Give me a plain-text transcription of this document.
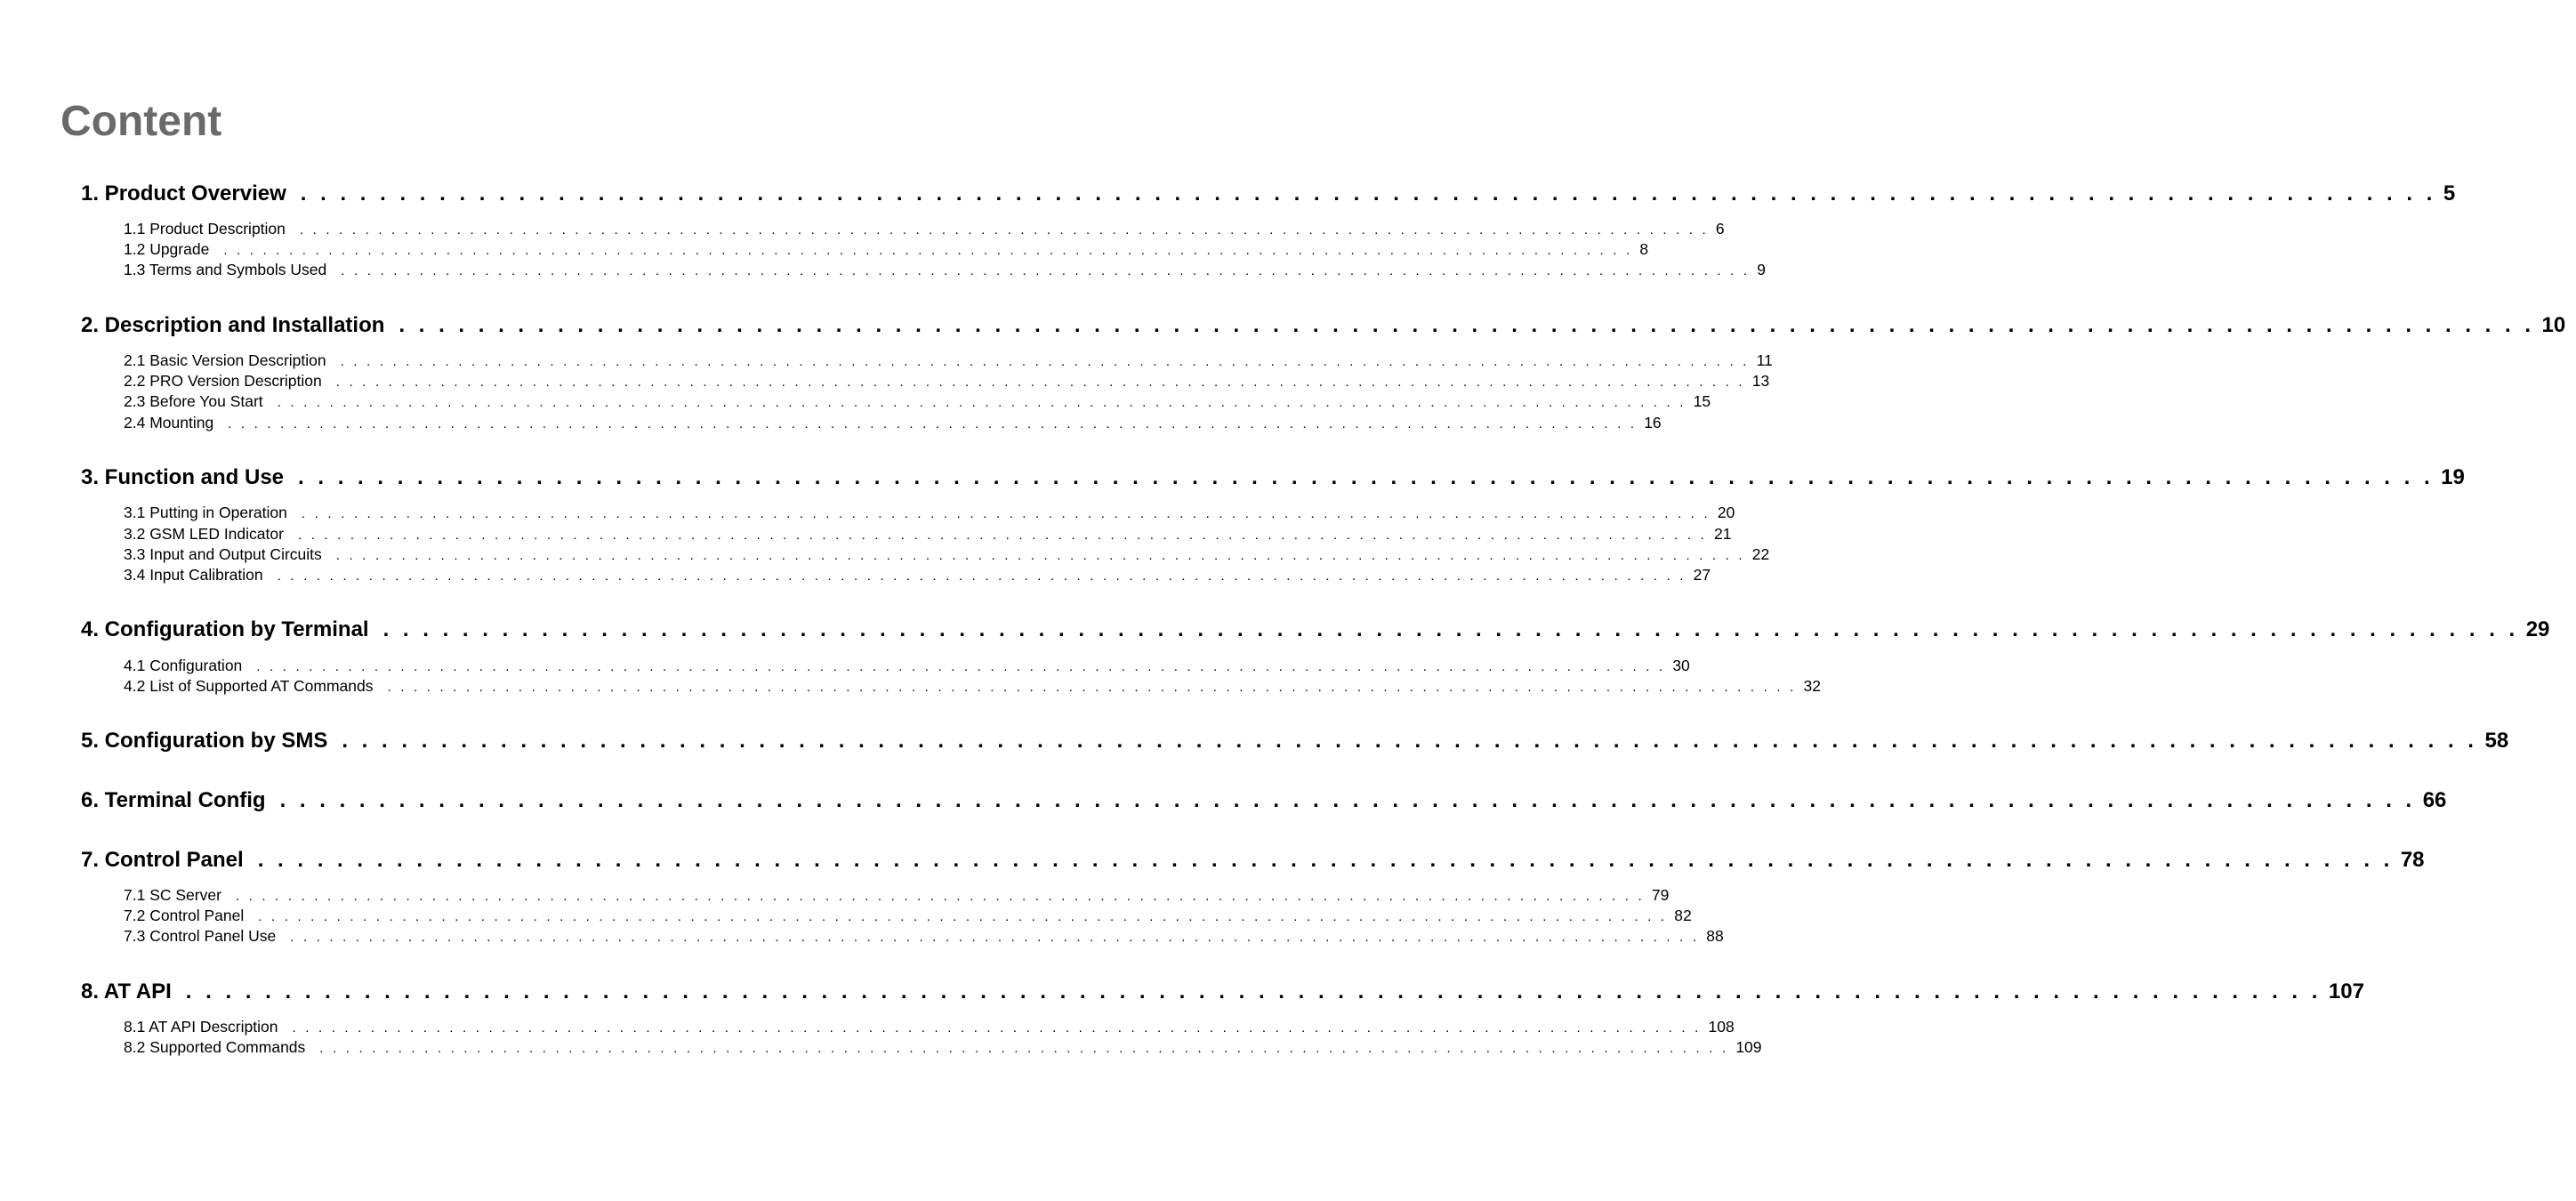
Content
1. Product Overview . . . . . . . . . . . . . . . . . . . . . . . . . . . . . . . . . . . . . . . . . . . . . . . . . . . . . . . . . . . . . . . . . . . . . . . . . . . . . . . . . . . . . . . . . . . . . . . . . . . . . . . . . . . . 5
1.1 Product Description . . . . . . . . . . . . . . . . . . . . . . . . . . . . . . . . . . . . . . . . . . . . . . . . . . . . . . . . . . . . . . . . . . . . . . . . . . . . . . . . . . . . . . . . . . . . . . . . . . . . . . . . . . . . 6
1.2 Upgrade . . . . . . . . . . . . . . . . . . . . . . . . . . . . . . . . . . . . . . . . . . . . . . . . . . . . . . . . . . . . . . . . . . . . . . . . . . . . . . . . . . . . . . . . . . . . . . . . . . . . . . . . . . . . 8
1.3 Terms and Symbols Used . . . . . . . . . . . . . . . . . . . . . . . . . . . . . . . . . . . . . . . . . . . . . . . . . . . . . . . . . . . . . . . . . . . . . . . . . . . . . . . . . . . . . . . . . . . . . . . . . . . . . . . . . . . . 9
2. Description and Installation . . . . . . . . . . . . . . . . . . . . . . . . . . . . . . . . . . . . . . . . . . . . . . . . . . . . . . . . . . . . . . . . . . . . . . . . . . . . . . . . . . . . . . . . . . . . . . . . . . . . . . . . . . . . 10
2.1 Basic Version Description . . . . . . . . . . . . . . . . . . . . . . . . . . . . . . . . . . . . . . . . . . . . . . . . . . . . . . . . . . . . . . . . . . . . . . . . . . . . . . . . . . . . . . . . . . . . . . . . . . . . . . . . . . . . 11
2.2 PRO Version Description . . . . . . . . . . . . . . . . . . . . . . . . . . . . . . . . . . . . . . . . . . . . . . . . . . . . . . . . . . . . . . . . . . . . . . . . . . . . . . . . . . . . . . . . . . . . . . . . . . . . . . . . . . . . 13
2.3 Before You Start . . . . . . . . . . . . . . . . . . . . . . . . . . . . . . . . . . . . . . . . . . . . . . . . . . . . . . . . . . . . . . . . . . . . . . . . . . . . . . . . . . . . . . . . . . . . . . . . . . . . . . . . . . . . 15
2.4 Mounting . . . . . . . . . . . . . . . . . . . . . . . . . . . . . . . . . . . . . . . . . . . . . . . . . . . . . . . . . . . . . . . . . . . . . . . . . . . . . . . . . . . . . . . . . . . . . . . . . . . . . . . . . . . . 16
3. Function and Use . . . . . . . . . . . . . . . . . . . . . . . . . . . . . . . . . . . . . . . . . . . . . . . . . . . . . . . . . . . . . . . . . . . . . . . . . . . . . . . . . . . . . . . . . . . . . . . . . . . . . . . . . . . . 19
3.1 Putting in Operation . . . . . . . . . . . . . . . . . . . . . . . . . . . . . . . . . . . . . . . . . . . . . . . . . . . . . . . . . . . . . . . . . . . . . . . . . . . . . . . . . . . . . . . . . . . . . . . . . . . . . . . . . . . . 20
3.2 GSM LED Indicator . . . . . . . . . . . . . . . . . . . . . . . . . . . . . . . . . . . . . . . . . . . . . . . . . . . . . . . . . . . . . . . . . . . . . . . . . . . . . . . . . . . . . . . . . . . . . . . . . . . . . . . . . . . . 21
3.3 Input and Output Circuits . . . . . . . . . . . . . . . . . . . . . . . . . . . . . . . . . . . . . . . . . . . . . . . . . . . . . . . . . . . . . . . . . . . . . . . . . . . . . . . . . . . . . . . . . . . . . . . . . . . . . . . . . . . . 22
3.4 Input Calibration . . . . . . . . . . . . . . . . . . . . . . . . . . . . . . . . . . . . . . . . . . . . . . . . . . . . . . . . . . . . . . . . . . . . . . . . . . . . . . . . . . . . . . . . . . . . . . . . . . . . . . . . . . . . 27
4. Configuration by Terminal . . . . . . . . . . . . . . . . . . . . . . . . . . . . . . . . . . . . . . . . . . . . . . . . . . . . . . . . . . . . . . . . . . . . . . . . . . . . . . . . . . . . . . . . . . . . . . . . . . . . . . . . . . . . 29
4.1 Configuration . . . . . . . . . . . . . . . . . . . . . . . . . . . . . . . . . . . . . . . . . . . . . . . . . . . . . . . . . . . . . . . . . . . . . . . . . . . . . . . . . . . . . . . . . . . . . . . . . . . . . . . . . . . . 30
4.2 List of Supported AT Commands . . . . . . . . . . . . . . . . . . . . . . . . . . . . . . . . . . . . . . . . . . . . . . . . . . . . . . . . . . . . . . . . . . . . . . . . . . . . . . . . . . . . . . . . . . . . . . . . . . . . . . . . . . . . 32
5. Configuration by SMS . . . . . . . . . . . . . . . . . . . . . . . . . . . . . . . . . . . . . . . . . . . . . . . . . . . . . . . . . . . . . . . . . . . . . . . . . . . . . . . . . . . . . . . . . . . . . . . . . . . . . . . . . . . . 58
6. Terminal Config . . . . . . . . . . . . . . . . . . . . . . . . . . . . . . . . . . . . . . . . . . . . . . . . . . . . . . . . . . . . . . . . . . . . . . . . . . . . . . . . . . . . . . . . . . . . . . . . . . . . . . . . . . . . 66
7. Control Panel . . . . . . . . . . . . . . . . . . . . . . . . . . . . . . . . . . . . . . . . . . . . . . . . . . . . . . . . . . . . . . . . . . . . . . . . . . . . . . . . . . . . . . . . . . . . . . . . . . . . . . . . . . . . 78
7.1 SC Server . . . . . . . . . . . . . . . . . . . . . . . . . . . . . . . . . . . . . . . . . . . . . . . . . . . . . . . . . . . . . . . . . . . . . . . . . . . . . . . . . . . . . . . . . . . . . . . . . . . . . . . . . . . . 79
7.2 Control Panel . . . . . . . . . . . . . . . . . . . . . . . . . . . . . . . . . . . . . . . . . . . . . . . . . . . . . . . . . . . . . . . . . . . . . . . . . . . . . . . . . . . . . . . . . . . . . . . . . . . . . . . . . . . . 82
7.3 Control Panel Use . . . . . . . . . . . . . . . . . . . . . . . . . . . . . . . . . . . . . . . . . . . . . . . . . . . . . . . . . . . . . . . . . . . . . . . . . . . . . . . . . . . . . . . . . . . . . . . . . . . . . . . . . . . . 88
8. AT API . . . . . . . . . . . . . . . . . . . . . . . . . . . . . . . . . . . . . . . . . . . . . . . . . . . . . . . . . . . . . . . . . . . . . . . . . . . . . . . . . . . . . . . . . . . . . . . . . . . . . . . . . . . . 107
8.1 AT API Description . . . . . . . . . . . . . . . . . . . . . . . . . . . . . . . . . . . . . . . . . . . . . . . . . . . . . . . . . . . . . . . . . . . . . . . . . . . . . . . . . . . . . . . . . . . . . . . . . . . . . . . . . . . . 108
8.2 Supported Commands . . . . . . . . . . . . . . . . . . . . . . . . . . . . . . . . . . . . . . . . . . . . . . . . . . . . . . . . . . . . . . . . . . . . . . . . . . . . . . . . . . . . . . . . . . . . . . . . . . . . . . . . . . . . 109
